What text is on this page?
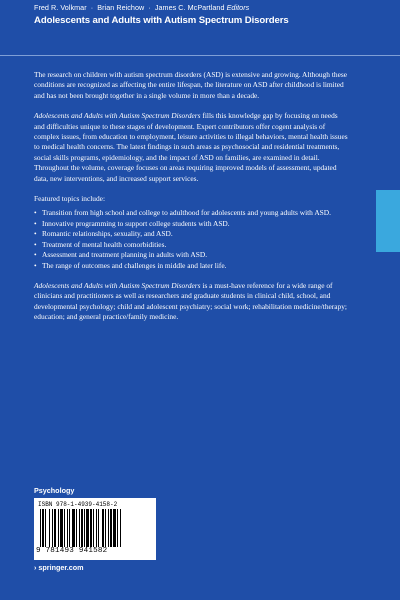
Fred R. Volkmar · Brian Reichow · James C. McPartland Editors
Adolescents and Adults with Autism Spectrum Disorders

The research on children with autism spectrum disorders (ASD) is extensive and growing. Although these conditions are recognized as affecting the entire lifespan, the literature on ASD after childhood is limited and has not been brought together in a single volume in more than a decade.

Adolescents and Adults with Autism Spectrum Disorders fills this knowledge gap by focusing on needs and difficulties unique to these stages of development. Expert contributors offer cogent analysis of complex issues, from education to employment, leisure activities to illegal behaviors, mental health issues to medical health concerns. The latest findings in such areas as psychosocial and residential treatments, social skills programs, epidemiology, and the impact of ASD on families, are examined in detail. Throughout the volume, coverage focuses on areas requiring improved models of assessment, updated data, new interventions, and increased support services.

Featured topics include:

• Transition from high school and college to adulthood for adolescents and young adults with ASD.
• Innovative programming to support college students with ASD.
• Romantic relationships, sexuality, and ASD.
• Treatment of mental health comorbidities.
• Assessment and treatment planning in adults with ASD.
• The range of outcomes and challenges in middle and later life.

Adolescents and Adults with Autism Spectrum Disorders is a must-have reference for a wide range of clinicians and practitioners as well as researchers and graduate students in clinical child, school, and developmental psychology; child and adolescent psychiatry; social work; rehabilitation medicine/therapy; education; and general practice/family medicine.

Psychology
ISBN 978-1-4939-4158-2
9 781493 941582
› springer.com
